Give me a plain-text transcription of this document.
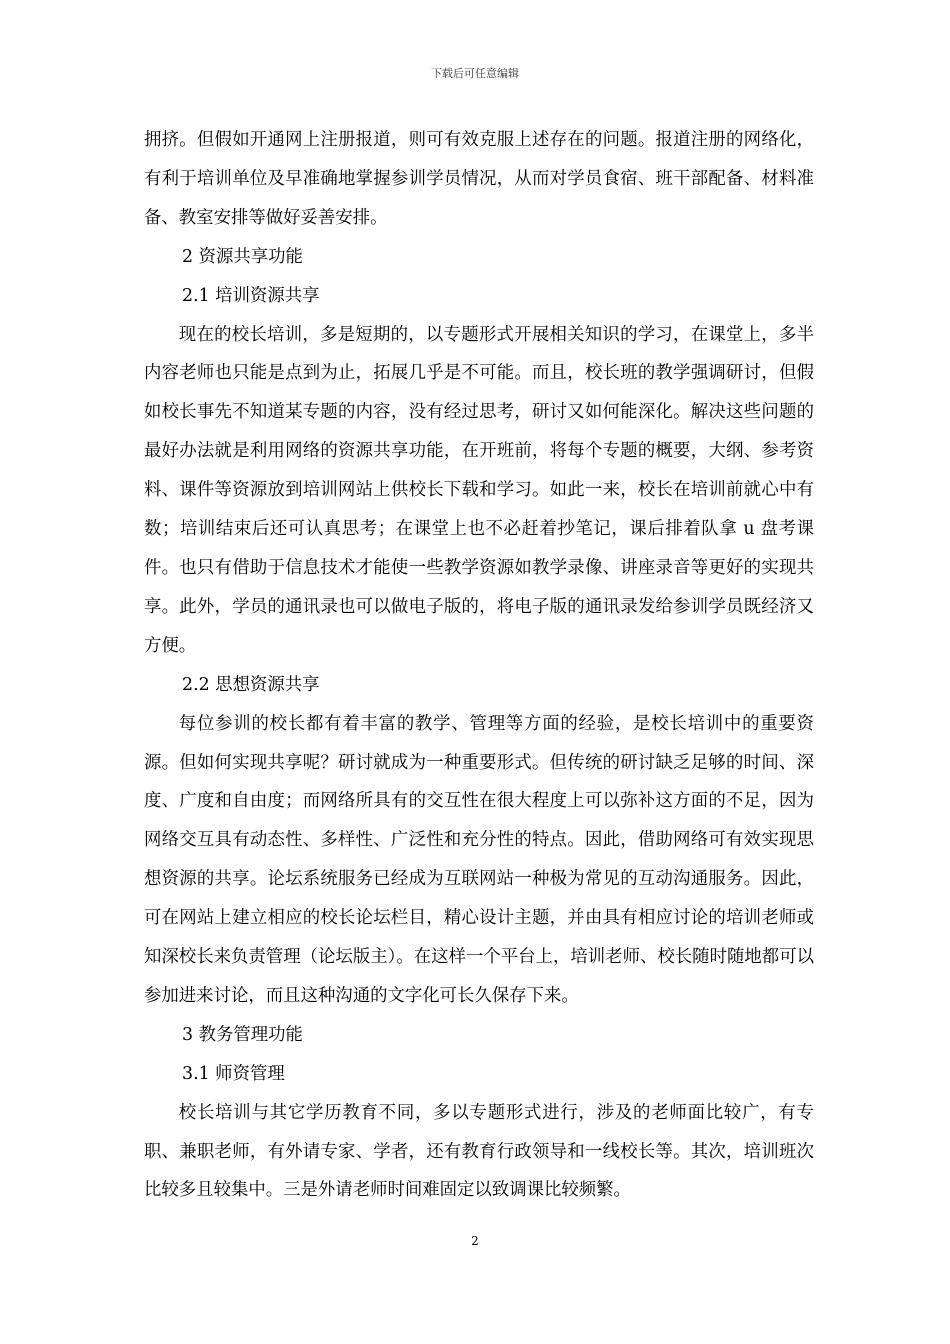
下载后可任意编辑

拥挤。但假如开通网上注册报道，则可有效克服上述存在的问题。报道注册的网络化，有利于培训单位及早准确地掌握参训学员情况，从而对学员食宿、班干部配备、材料准备、教室安排等做好妥善安排。

2 资源共享功能

2.1 培训资源共享

现在的校长培训，多是短期的，以专题形式开展相关知识的学习，在课堂上，多半内容老师也只能是点到为止，拓展几乎是不可能。而且，校长班的教学强调研讨，但假如校长事先不知道某专题的内容，没有经过思考，研讨又如何能深化。解决这些问题的最好办法就是利用网络的资源共享功能，在开班前，将每个专题的概要，大纲、参考资料、课件等资源放到培训网站上供校长下载和学习。如此一来，校长在培训前就心中有数；培训结束后还可认真思考；在课堂上也不必赶着抄笔记，课后排着队拿 u 盘考课件。也只有借助于信息技术才能使一些教学资源如教学录像、讲座录音等更好的实现共享。此外，学员的通讯录也可以做电子版的，将电子版的通讯录发给参训学员既经济又方便。

2.2 思想资源共享

每位参训的校长都有着丰富的教学、管理等方面的经验，是校长培训中的重要资源。但如何实现共享呢？研讨就成为一种重要形式。但传统的研讨缺乏足够的时间、深度、广度和自由度；而网络所具有的交互性在很大程度上可以弥补这方面的不足，因为网络交互具有动态性、多样性、广泛性和充分性的特点。因此，借助网络可有效实现思想资源的共享。论坛系统服务已经成为互联网站一种极为常见的互动沟通服务。因此，可在网站上建立相应的校长论坛栏目，精心设计主题，并由具有相应讨论的培训老师或知深校长来负责管理（论坛版主）。在这样一个平台上，培训老师、校长随时随地都可以参加进来讨论，而且这种沟通的文字化可长久保存下来。

3 教务管理功能

3.1 师资管理

校长培训与其它学历教育不同，多以专题形式进行，涉及的老师面比较广，有专职、兼职老师，有外请专家、学者，还有教育行政领导和一线校长等。其次，培训班次比较多且较集中。三是外请老师时间难固定以致调课比较频繁。

2
